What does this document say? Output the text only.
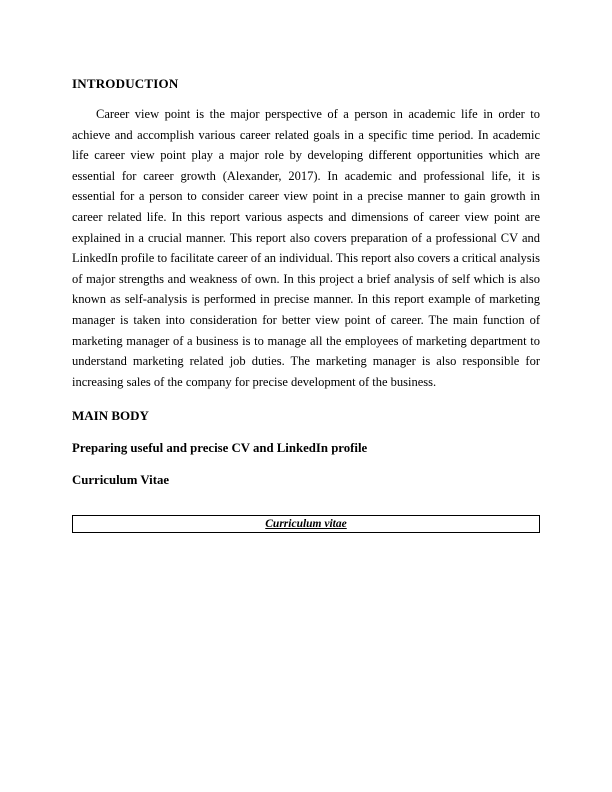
INTRODUCTION

Career view point is the major perspective of a person in academic life in order to achieve and accomplish various career related goals in a specific time period. In academic life career view point play a major role by developing different opportunities which are essential for career growth (Alexander, 2017). In academic and professional life, it is essential for a person to consider career view point in a precise manner to gain growth in career related life. In this report various aspects and dimensions of career view point are explained in a crucial manner. This report also covers preparation of a professional CV and LinkedIn profile to facilitate career of an individual. This report also covers a critical analysis of major strengths and weakness of own. In this project a brief analysis of self which is also known as self-analysis is performed in precise manner. In this report example of marketing manager is taken into consideration for better view point of career. The main function of marketing manager of a business is to manage all the employees of marketing department to understand marketing related job duties. The marketing manager is also responsible for increasing sales of the company for precise development of the business.

MAIN BODY
Preparing useful and precise CV and LinkedIn profile
Curriculum Vitae
Curriculum vitae
